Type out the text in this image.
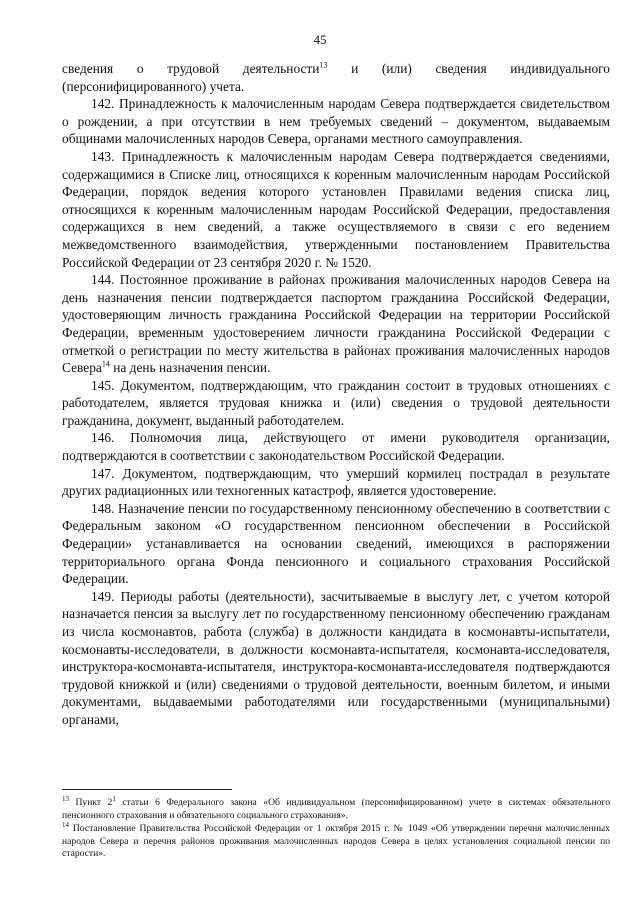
45

сведения о трудовой деятельности$^{13}$ и (или) сведения индивидуального (персонифицированного) учета.

142. Принадлежность к малочисленным народам Севера подтверждается свидетельством о рождении, а при отсутствии в нем требуемых сведений – документом, выдаваемым общинами малочисленных народов Севера, органами местного самоуправления.

143. Принадлежность к малочисленным народам Севера подтверждается сведениями, содержащимися в Списке лиц, относящихся к коренным малочисленным народам Российской Федерации, порядок ведения которого установлен Правилами ведения списка лиц, относящихся к коренным малочисленным народам Российской Федерации, предоставления содержащихся в нем сведений, а также осуществляемого в связи с его ведением межведомственного взаимодействия, утвержденными постановлением Правительства Российской Федерации от 23 сентября 2020 г. № 1520.

144. Постоянное проживание в районах проживания малочисленных народов Севера на день назначения пенсии подтверждается паспортом гражданина Российской Федерации, удостоверяющим личность гражданина Российской Федерации на территории Российской Федерации, временным удостоверением личности гражданина Российской Федерации с отметкой о регистрации по месту жительства в районах проживания малочисленных народов Севера$^{14}$ на день назначения пенсии.

145. Документом, подтверждающим, что гражданин состоит в трудовых отношениях с работодателем, является трудовая книжка и (или) сведения о трудовой деятельности гражданина, документ, выданный работодателем.

146. Полномочия лица, действующего от имени руководителя организации, подтверждаются в соответствии с законодательством Российской Федерации.

147. Документом, подтверждающим, что умерший кормилец пострадал в результате других радиационных или техногенных катастроф, является удостоверение.

148. Назначение пенсии по государственному пенсионному обеспечению в соответствии с Федеральным законом «О государственном пенсионном обеспечении в Российской Федерации» устанавливается на основании сведений, имеющихся в распоряжении территориального органа Фонда пенсионного и социального страхования Российской Федерации.

149. Периоды работы (деятельности), засчитываемые в выслугу лет, с учетом которой назначается пенсия за выслугу лет по государственному пенсионному обеспечению гражданам из числа космонавтов, работа (служба) в должности кандидата в космонавты-испытатели, космонавты-исследователи, в должности космонавта-испытателя, космонавта-исследователя, инструктора-космонавта-испытателя, инструктора-космонавта-исследователя подтверждаются трудовой книжкой и (или) сведениями о трудовой деятельности, военным билетом, и иными документами, выдаваемыми работодателями или государственными (муниципальными) органами,

$^{13}$ Пункт 2$^1$ статьи 6 Федерального закона «Об индивидуальном (персонифицированном) учете в системах обязательного пенсионного страхования и обязательного социального страхования».

$^{14}$ Постановление Правительства Российской Федерации от 1 октября 2015 г. № 1049 «Об утверждении перечня малочисленных народов Севера и перечня районов проживания малочисленных народов Севера в целях установления социальной пенсии по старости».
